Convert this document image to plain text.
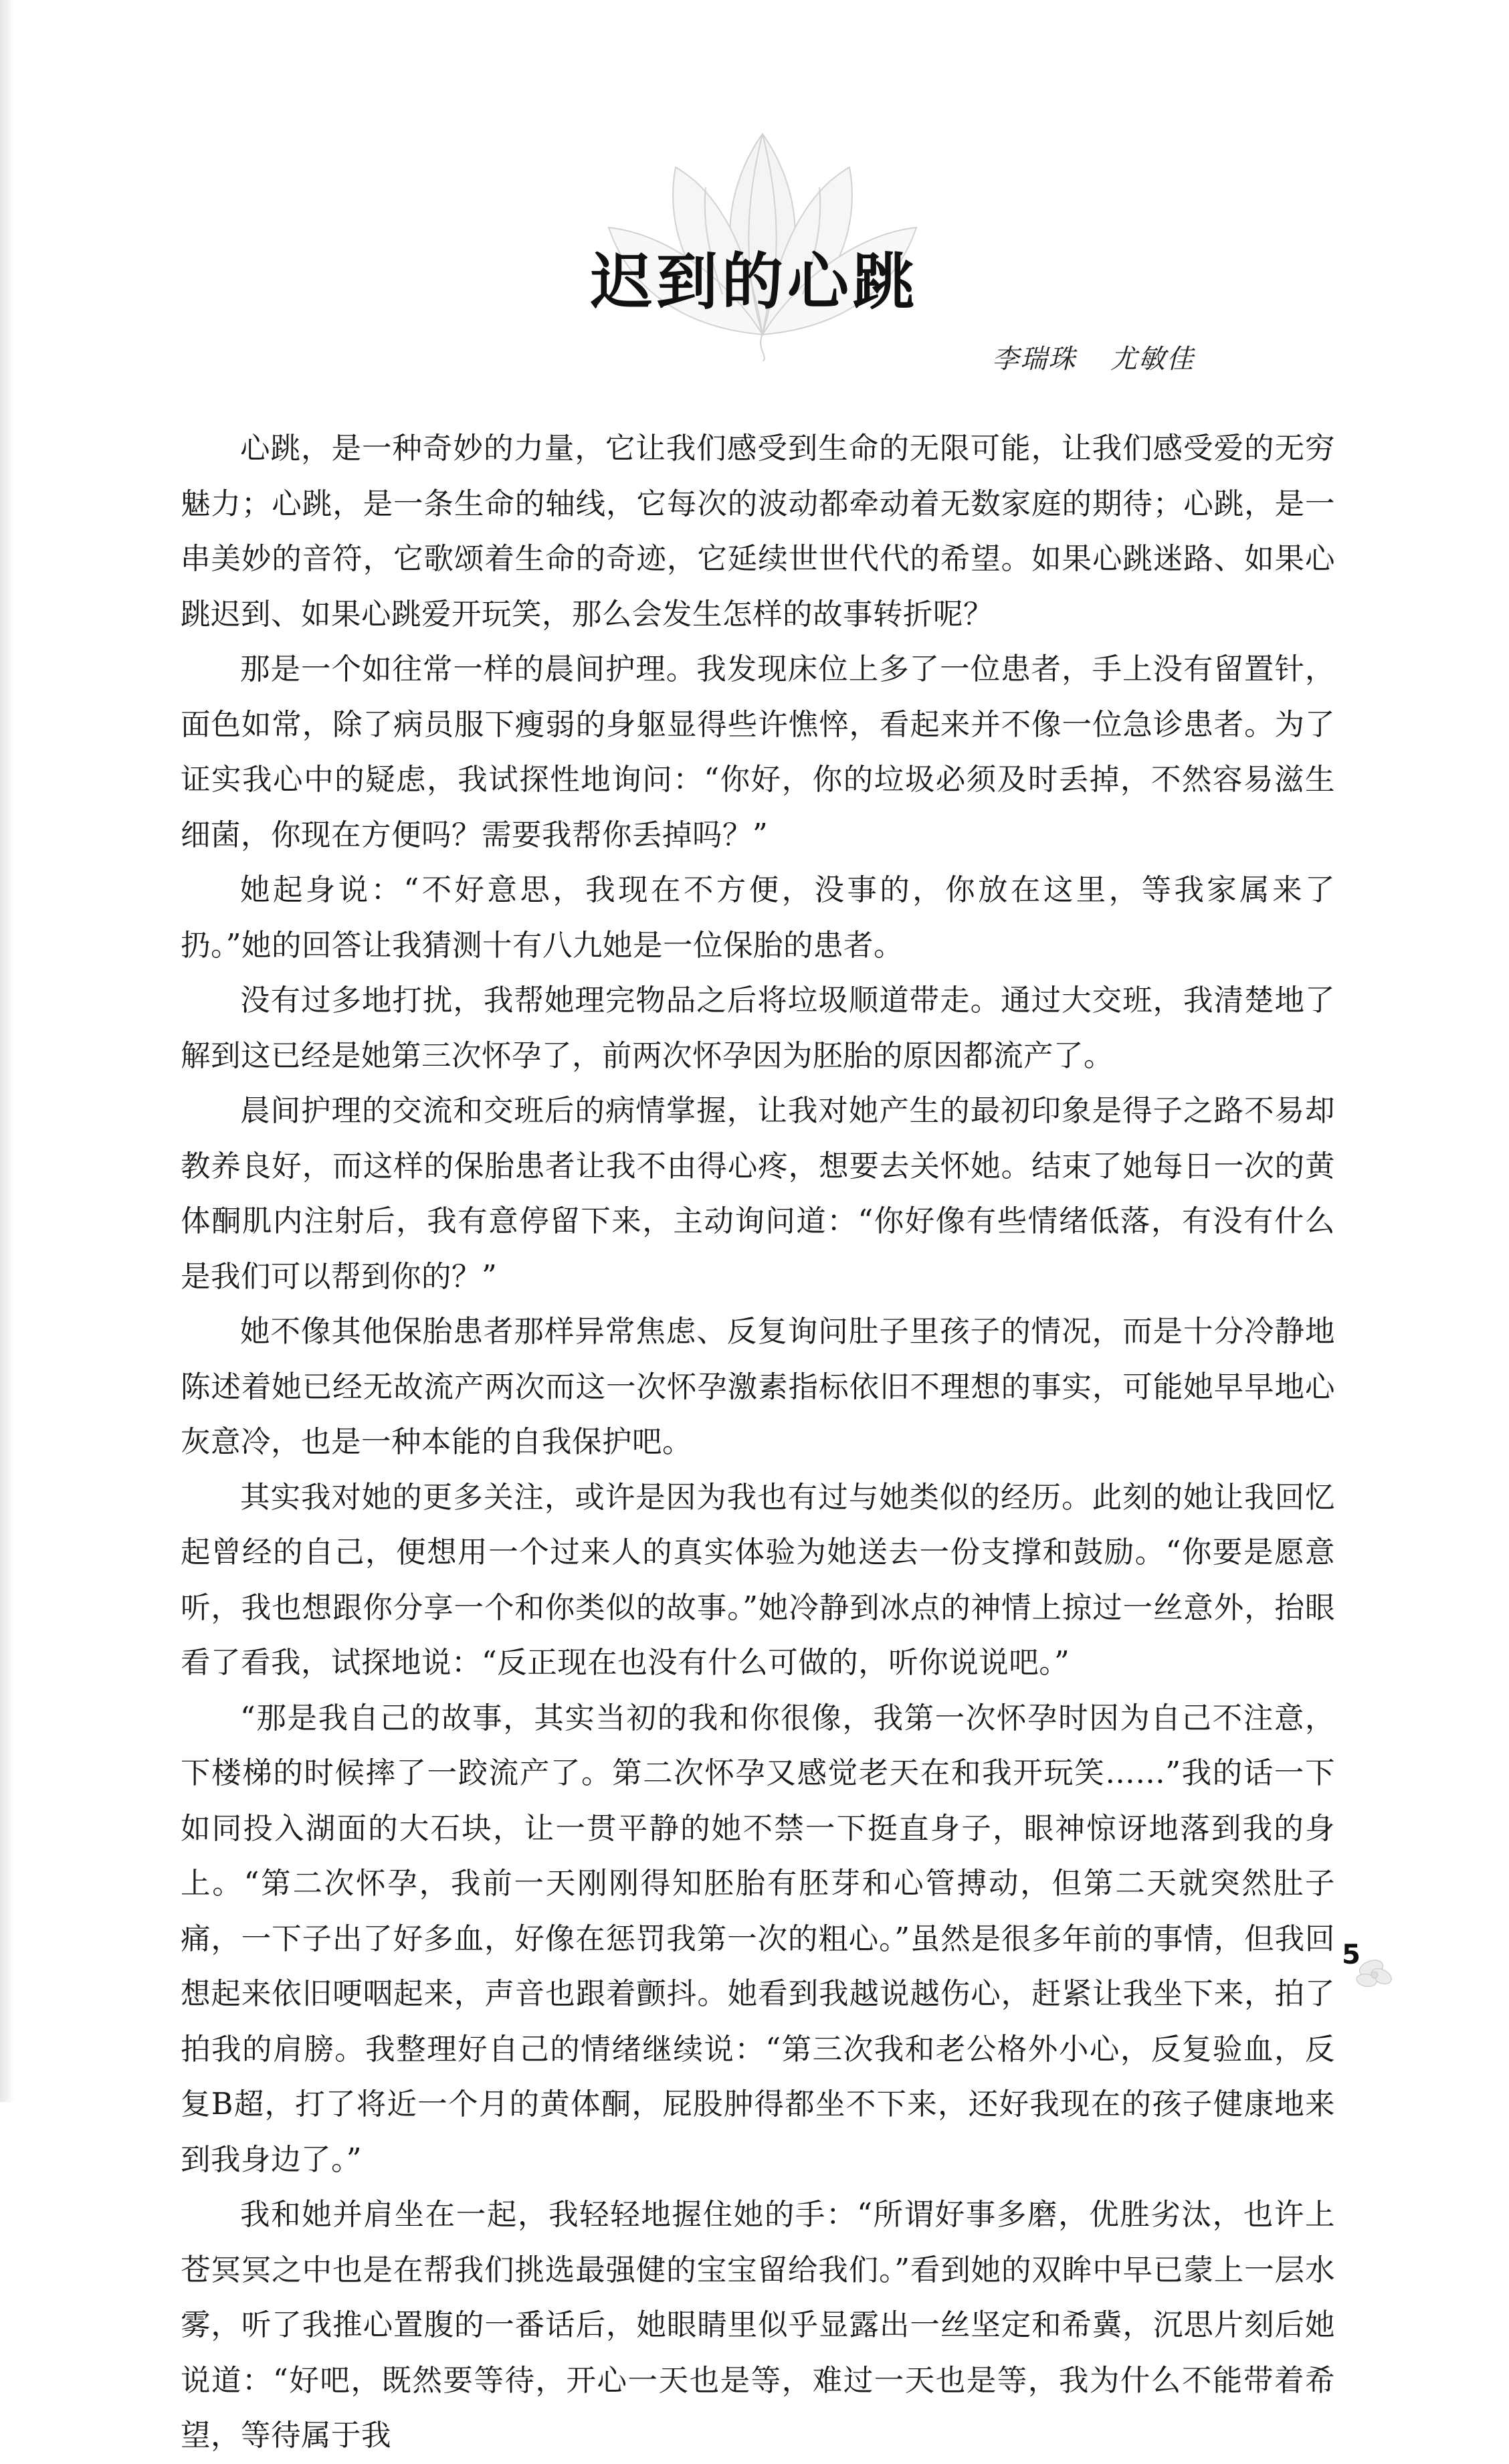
迟到的心跳
李瑞珠 尤敏佳

心跳，是一种奇妙的力量，它让我们感受到生命的无限可能，让我们感受爱的无穷魅力；心跳，是一条生命的轴线，它每次的波动都牵动着无数家庭的期待；心跳，是一串美妙的音符，它歌颂着生命的奇迹，它延续世世代代的希望。如果心跳迷路、如果心跳迟到、如果心跳爱开玩笑，那么会发生怎样的故事转折呢？

那是一个如往常一样的晨间护理。我发现床位上多了一位患者，手上没有留置针，面色如常，除了病员服下瘦弱的身躯显得些许憔悴，看起来并不像一位急诊患者。为了证实我心中的疑虑，我试探性地询问：“你好，你的垃圾必须及时丢掉，不然容易滋生细菌，你现在方便吗？需要我帮你丢掉吗？”

她起身说：“不好意思，我现在不方便，没事的，你放在这里，等我家属来了扔。”她的回答让我猜测十有八九她是一位保胎的患者。

没有过多地打扰，我帮她理完物品之后将垃圾顺道带走。通过大交班，我清楚地了解到这已经是她第三次怀孕了，前两次怀孕因为胚胎的原因都流产了。

晨间护理的交流和交班后的病情掌握，让我对她产生的最初印象是得子之路不易却教养良好，而这样的保胎患者让我不由得心疼，想要去关怀她。结束了她每日一次的黄体酮肌内注射后，我有意停留下来，主动询问道：“你好像有些情绪低落，有没有什么是我们可以帮到你的？”

她不像其他保胎患者那样异常焦虑、反复询问肚子里孩子的情况，而是十分冷静地陈述着她已经无故流产两次而这一次怀孕激素指标依旧不理想的事实，可能她早早地心灰意冷，也是一种本能的自我保护吧。

其实我对她的更多关注，或许是因为我也有过与她类似的经历。此刻的她让我回忆起曾经的自己，便想用一个过来人的真实体验为她送去一份支撑和鼓励。“你要是愿意听，我也想跟你分享一个和你类似的故事。”她冷静到冰点的神情上掠过一丝意外，抬眼看了看我，试探地说：“反正现在也没有什么可做的，听你说说吧。”

“那是我自己的故事，其实当初的我和你很像，我第一次怀孕时因为自己不注意，下楼梯的时候摔了一跤流产了。第二次怀孕又感觉老天在和我开玩笑……”我的话一下如同投入湖面的大石块，让一贯平静的她不禁一下挺直身子，眼神惊讶地落到我的身上。“第二次怀孕，我前一天刚刚得知胚胎有胚芽和心管搏动，但第二天就突然肚子痛，一下子出了好多血，好像在惩罚我第一次的粗心。”虽然是很多年前的事情，但我回想起来依旧哽咽起来，声音也跟着颤抖。她看到我越说越伤心，赶紧让我坐下来，拍了拍我的肩膀。我整理好自己的情绪继续说：“第三次我和老公格外小心，反复验血，反复B超，打了将近一个月的黄体酮，屁股肿得都坐不下来，还好我现在的孩子健康地来到我身边了。”

我和她并肩坐在一起，我轻轻地握住她的手：“所谓好事多磨，优胜劣汰，也许上苍冥冥之中也是在帮我们挑选最强健的宝宝留给我们。”看到她的双眸中早已蒙上一层水雾，听了我推心置腹的一番话后，她眼睛里似乎显露出一丝坚定和希冀，沉思片刻后她说道：“好吧，既然要等待，开心一天也是等，难过一天也是等，我为什么不能带着希望，等待属于我

5
